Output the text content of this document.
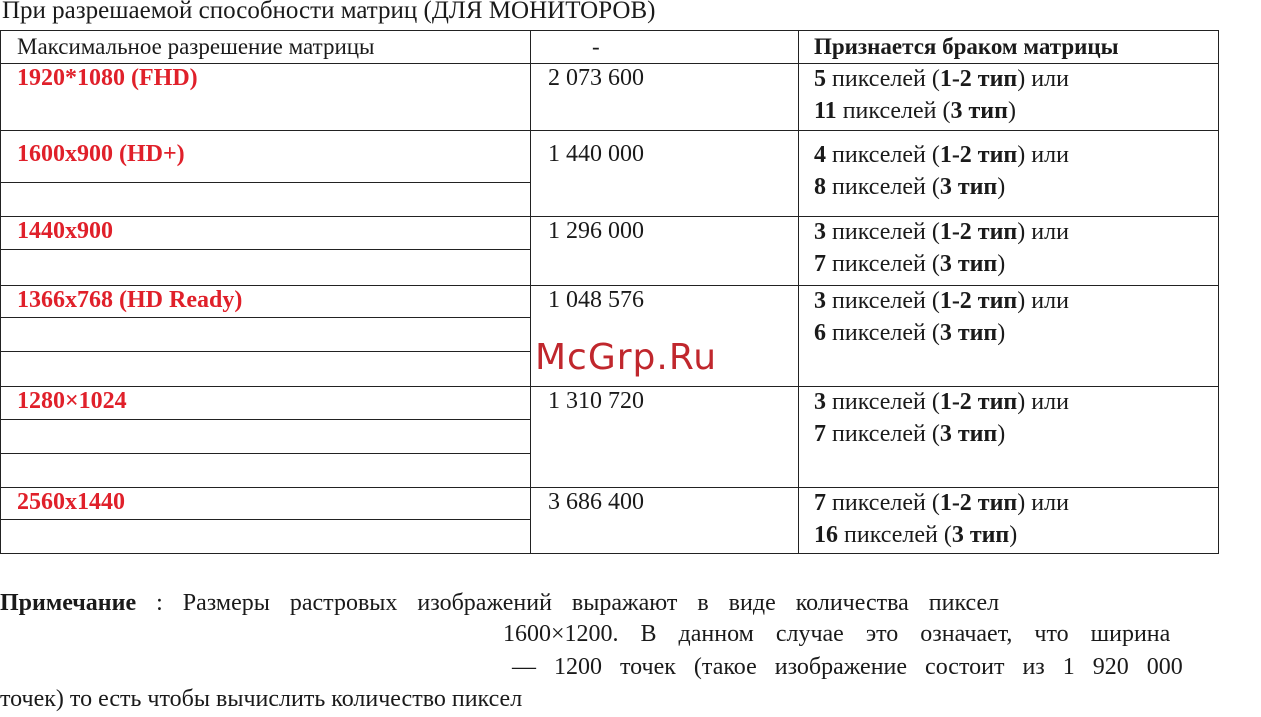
При разрешаемой способности матриц (ДЛЯ МОНИТОРОВ)
Максимальное разрешение матрицы	-	Признается браком матрицы
1920*1080 (FHD)	2 073 600	5 пикселей (1-2 тип) или
11 пикселей (3 тип)
1600x900 (HD+)	1 440 000	4 пикселей (1-2 тип) или
8 пикселей (3 тип)
1440x900	1 296 000	3 пикселей (1-2 тип) или
7 пикселей (3 тип)
1366x768 (HD Ready)	1 048 576	3 пикселей (1-2 тип) или
6 пикселей (3 тип)
1280×1024	1 310 720	3 пикселей (1-2 тип) или
7 пикселей (3 тип)
2560x1440	3 686 400	7 пикселей (1-2 тип) или
16 пикселей (3 тип)
McGrp.Ru
Примечание : Размеры растровых изображений выражают в виде количества пиксел
1600×1200. В данном случае это означает, что ширина
— 1200 точек (такое изображение состоит из 1 920 000
точек) то есть чтобы вычислить количество пиксел
